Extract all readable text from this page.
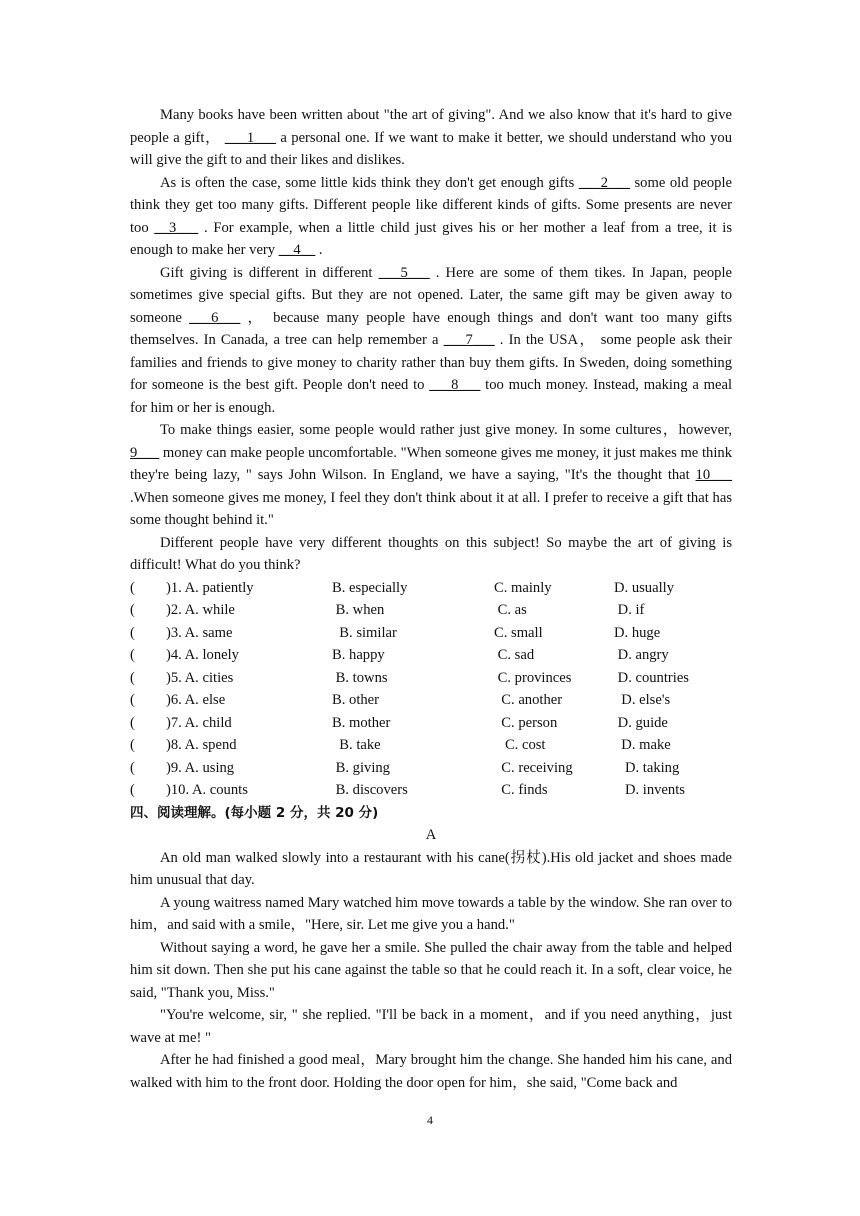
Many books have been written about "the art of giving". And we also know that it's hard to give people a gift， ___1___ a personal one. If we want to make it better, we should understand who you will give the gift to and their likes and dislikes.

As is often the case, some little kids think they don't get enough gifts ___2___ some old people think they get too many gifts. Different people like different kinds of gifts. Some presents are never too __3___ . For example, when a little child just gives his or her mother a leaf from a tree, it is enough to make her very __4__ .

Gift giving is different in different ___5___ . Here are some of them tikes. In Japan, people sometimes give special gifts. But they are not opened. Later, the same gift may be given away to someone ___6___ ， because many people have enough things and don't want too many gifts themselves. In Canada, a tree can help remember a ___7___ . In the USA， some people ask their families and friends to give money to charity rather than buy them gifts. In Sweden, doing something for someone is the best gift. People don't need to ___8___ too much money. Instead, making a meal for him or her is enough.

To make things easier, some people would rather just give money. In some cultures，however, 9___ money can make people uncomfortable. "When someone gives me money, it just makes me think they're being lazy, " says John Wilson. In England, we have a saying, "It's the thought that 10___ .When someone gives me money, I feel they don't think about it at all. I prefer to receive a gift that has some thought behind it."

Different people have very different thoughts on this subject! So maybe the art of giving is difficult! What do you think?

( )1. A. patiently	B. especially	C. mainly	D. usually
( )2. A. while	B. when	C. as	D. if
( )3. A. same	B. similar	C. small	D. huge
( )4. A. lonely	B. happy	C. sad	D. angry
( )5. A. cities	B. towns	C. provinces	D. countries
( )6. A. else	B. other	C. another	D. else's
( )7. A. child	B. mother	C. person	D. guide
( )8. A. spend	B. take	C. cost	D. make
( )9. A. using	B. giving	C. receiving	D. taking
( )10. A. counts	B. discovers	C. finds	D. invents

四、阅读理解。(每小题 2 分，共 20 分)

A

An old man walked slowly into a restaurant with his cane(拐杖).His old jacket and shoes made him unusual that day.

A young waitress named Mary watched him move towards a table by the window. She ran over to him，and said with a smile，"Here, sir. Let me give you a hand."

Without saying a word, he gave her a smile. She pulled the chair away from the table and helped him sit down. Then she put his cane against the table so that he could reach it. In a soft, clear voice, he said, "Thank you, Miss."

"You're welcome, sir, " she replied. "I'll be back in a moment，and if you need anything，just wave at me! "

After he had finished a good meal，Mary brought him the change. She handed him his cane, and walked with him to the front door. Holding the door open for him，she said, "Come back and

4
